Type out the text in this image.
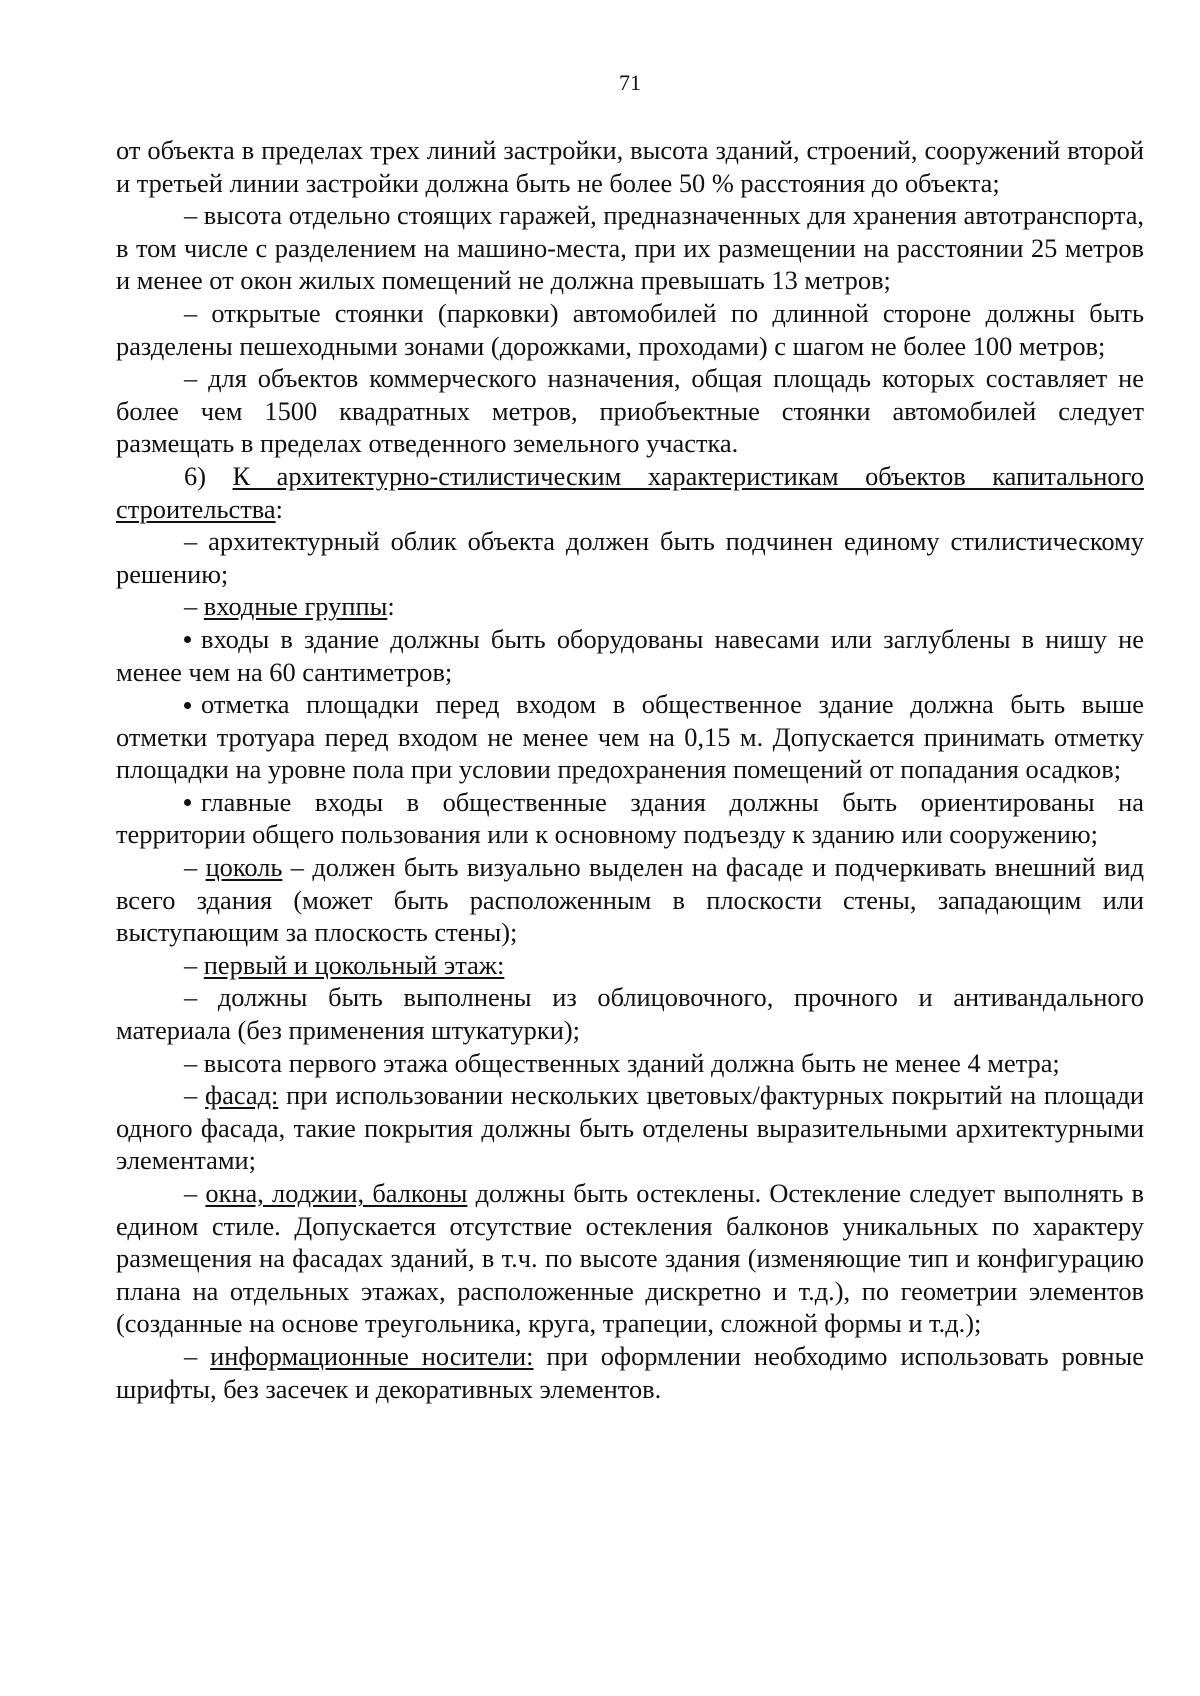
71

от объекта в пределах трех линий застройки, высота зданий, строений, сооружений второй и третьей линии застройки должна быть не более 50 % расстояния до объекта;

– высота отдельно стоящих гаражей, предназначенных для хранения автотранспорта, в том числе с разделением на машино-места, при их размещении на расстоянии 25 метров и менее от окон жилых помещений не должна превышать 13 метров;

– открытые стоянки (парковки) автомобилей по длинной стороне должны быть разделены пешеходными зонами (дорожками, проходами) с шагом не более 100 метров;

– для объектов коммерческого назначения, общая площадь которых составляет не более чем 1500 квадратных метров, приобъектные стоянки автомобилей следует размещать в пределах отведенного земельного участка.

6) К архитектурно-стилистическим характеристикам объектов капитального строительства:

– архитектурный облик объекта должен быть подчинен единому стилистическому решению;

– входные группы:

входы в здание должны быть оборудованы навесами или заглублены в нишу не менее чем на 60 сантиметров;

отметка площадки перед входом в общественное здание должна быть выше отметки тротуара перед входом не менее чем на 0,15 м. Допускается принимать отметку площадки на уровне пола при условии предохранения помещений от попадания осадков;

главные входы в общественные здания должны быть ориентированы на территории общего пользования или к основному подъезду к зданию или сооружению;

– цоколь – должен быть визуально выделен на фасаде и подчеркивать внешний вид всего здания (может быть расположенным в плоскости стены, западающим или выступающим за плоскость стены);

– первый и цокольный этаж:

– должны быть выполнены из облицовочного, прочного и антивандального материала (без применения штукатурки);

– высота первого этажа общественных зданий должна быть не менее 4 метра;

– фасад: при использовании нескольких цветовых/фактурных покрытий на площади одного фасада, такие покрытия должны быть отделены выразительными архитектурными элементами;

– окна, лоджии, балконы должны быть остеклены. Остекление следует выполнять в едином стиле. Допускается отсутствие остекления балконов уникальных по характеру размещения на фасадах зданий, в т.ч. по высоте здания (изменяющие тип и конфигурацию плана на отдельных этажах, расположенные дискретно и т.д.), по геометрии элементов (созданные на основе треугольника, круга, трапеции, сложной формы и т.д.);

– информационные носители: при оформлении необходимо использовать ровные шрифты, без засечек и декоративных элементов.
